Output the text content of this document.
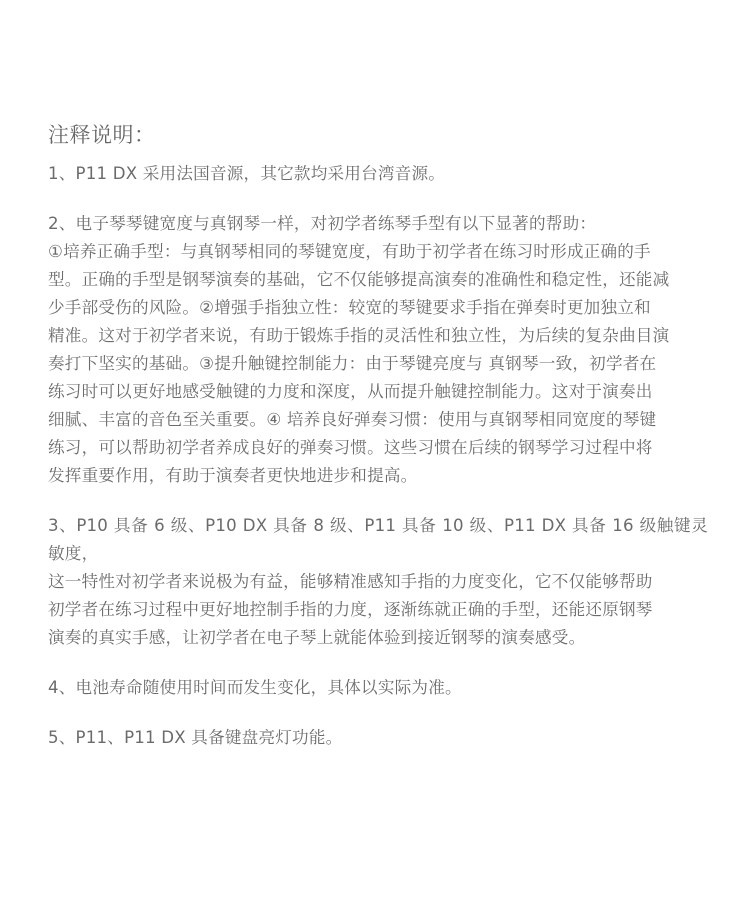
注释说明：
1、P11 DX 采用法国音源，其它款均采用台湾音源。
2、电子琴琴键宽度与真钢琴一样，对初学者练琴手型有以下显著的帮助：
①培养正确手型：与真钢琴相同的琴键宽度，有助于初学者在练习时形成正确的手
型。正确的手型是钢琴演奏的基础，它不仅能够提高演奏的准确性和稳定性，还能减
少手部受伤的风险。②增强手指独立性：较宽的琴键要求手指在弹奏时更加独立和
精准。这对于初学者来说，有助于锻炼手指的灵活性和独立性，为后续的复杂曲目演
奏打下坚实的基础。③提升触键控制能力：由于琴键亮度与 真钢琴一致，初学者在
练习时可以更好地感受触键的力度和深度，从而提升触键控制能力。这对于演奏出
细腻、丰富的音色至关重要。④ 培养良好弹奏习惯：使用与真钢琴相同宽度的琴键
练习，可以帮助初学者养成良好的弹奏习惯。这些习惯在后续的钢琴学习过程中将
发挥重要作用，有助于演奏者更快地进步和提高。
3、P10 具备 6 级、P10 DX 具备 8 级、P11 具备 10 级、P11 DX 具备 16 级触键灵敏度，
这一特性对初学者来说极为有益，能够精准感知手指的力度变化，它不仅能够帮助
初学者在练习过程中更好地控制手指的力度，逐渐练就正确的手型，还能还原钢琴
演奏的真实手感，让初学者在电子琴上就能体验到接近钢琴的演奏感受。
4、电池寿命随使用时间而发生变化，具体以实际为准。
5、P11、P11 DX 具备键盘亮灯功能。
